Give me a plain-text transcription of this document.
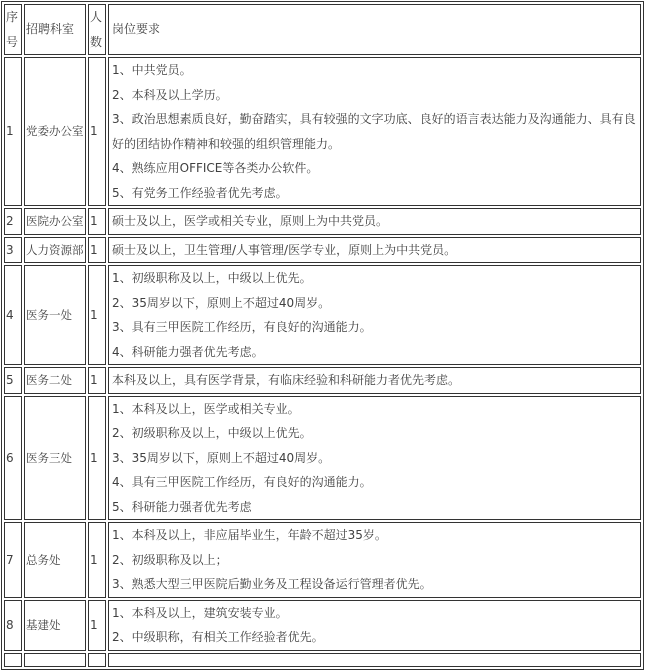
序号	招聘科室	人数	岗位要求
1	党委办公室	1	1、中共党员。
2、本科及以上学历。
3、政治思想素质良好，勤奋踏实，具有较强的文字功底、良好的语言表达能力及沟通能力、具有良好的团结协作精神和较强的组织管理能力。
4、熟练应用OFFICE等各类办公软件。
5、有党务工作经验者优先考虑。

2	医院办公室	1	硕士及以上，医学或相关专业，原则上为中共党员。

3	人力资源部	1	硕士及以上，卫生管理/人事管理/医学专业，原则上为中共党员。

4	医务一处	1	1、初级职称及以上，中级以上优先。
2、35周岁以下，原则上不超过40周岁。
3、具有三甲医院工作经历，有良好的沟通能力。
4、科研能力强者优先考虑。

5	医务二处	1	本科及以上，具有医学背景，有临床经验和科研能力者优先考虑。

6	医务三处	1	1、本科及以上，医学或相关专业。
2、初级职称及以上，中级以上优先。
3、35周岁以下，原则上不超过40周岁。
4、具有三甲医院工作经历，有良好的沟通能力。
5、科研能力强者优先考虑

7	总务处	1	1、本科及以上，非应届毕业生，年龄不超过35岁。
2、初级职称及以上；
3、熟悉大型三甲医院后勤业务及工程设备运行管理者优先。

8	基建处	1	1、本科及以上，建筑安装专业。
2、中级职称，有相关工作经验者优先。
